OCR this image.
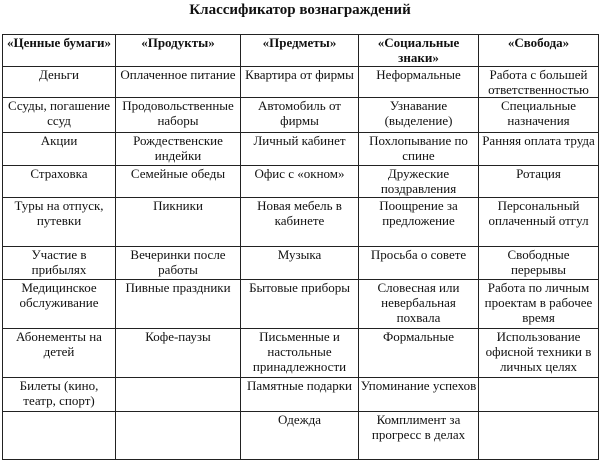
Классификатор вознаграждений
«Ценные бумаги»	«Продукты»	«Предметы»	«Социальные знаки»	«Свобода»
Деньги	Оплаченное питание	Квартира от фирмы	Неформальные	Работа с большей ответственностью
Ссуды, погашение ссуд	Продовольственные наборы	Автомобиль от фирмы	Узнавание (выделение)	Специальные назначения
Акции	Рождественские индейки	Личный кабинет	Похлопывание по спине	Ранняя оплата труда
Страховка	Семейные обеды	Офис с «окном»	Дружеские поздравления	Ротация
Туры на отпуск, путевки	Пикники	Новая мебель в кабинете	Поощрение за предложение	Персональный оплаченный отгул
Участие в прибылях	Вечеринки после работы	Музыка	Просьба о совете	Свободные перерывы
Медицинское обслуживание	Пивные праздники	Бытовые приборы	Словесная или невербальная похвала	Работа по личным проектам в рабочее время
Абонементы на детей	Кофе-паузы	Письменные и настольные принадлежности	Формальные	Использование офисной техники в личных целях
Билеты (кино, театр, спорт)		Памятные подарки	Упоминание успехов	
		Одежда	Комплимент за прогресс в делах	
